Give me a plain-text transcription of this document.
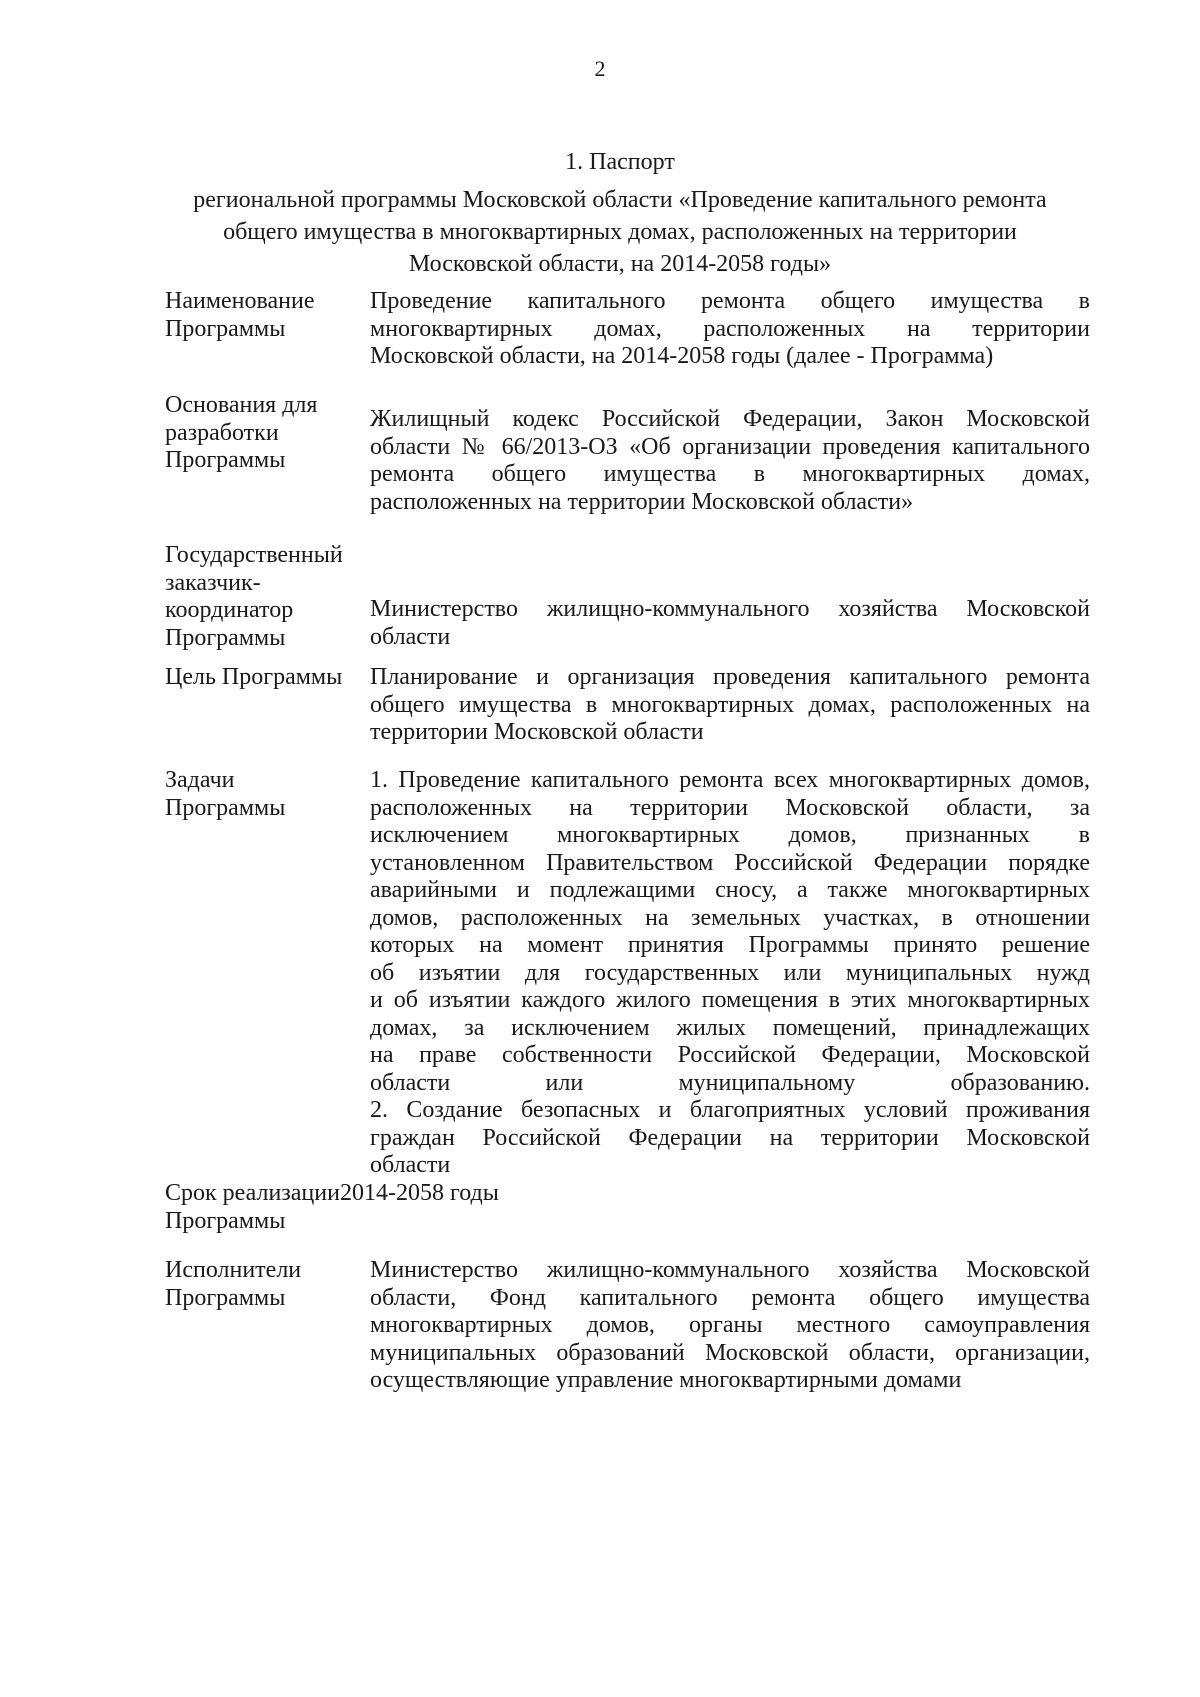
2
1. Паспорт
региональной программы Московской области «Проведение капитального ремонта
общего имущества в многоквартирных домах, расположенных на территории
Московской области, на 2014-2058 годы»
Наименование
Программы
Проведение капитального ремонта общего имущества в
многоквартирных домах, расположенных на территории
Московской области, на 2014-2058 годы (далее - Программа)
Основания для
разработки
Программы
Жилищный кодекс Российской Федерации, Закон Московской
области № 66/2013-ОЗ «Об организации проведения капитального
ремонта общего имущества в многоквартирных домах,
расположенных на территории Московской области»
Государственный
заказчик-
координатор
Программы
Министерство жилищно-коммунального хозяйства Московской
области
Цель Программы	Планирование и организация проведения капитального ремонта
общего имущества в многоквартирных домах, расположенных на
территории Московской области
Задачи
Программы
1. Проведение капитального ремонта всех многоквартирных домов,
расположенных на территории Московской области, за
исключением многоквартирных домов, признанных в
установленном Правительством Российской Федерации порядке
аварийными и подлежащими сносу, а также многоквартирных
домов, расположенных на земельных участках, в отношении
которых на момент принятия Программы принято решение
об изъятии для государственных или муниципальных нужд
и об изъятии каждого жилого помещения в этих многоквартирных
домах, за исключением жилых помещений, принадлежащих
на праве собственности Российской Федерации, Московской
области или муниципальному образованию.
2. Создание безопасных и благоприятных условий проживания
граждан Российской Федерации на территории Московской
области
Срок реализации
Программы
2014-2058 годы
Исполнители
Программы
Министерство жилищно-коммунального хозяйства Московской
области, Фонд капитального ремонта общего имущества
многоквартирных домов, органы местного самоуправления
муниципальных образований Московской области, организации,
осуществляющие управление многоквартирными домами
